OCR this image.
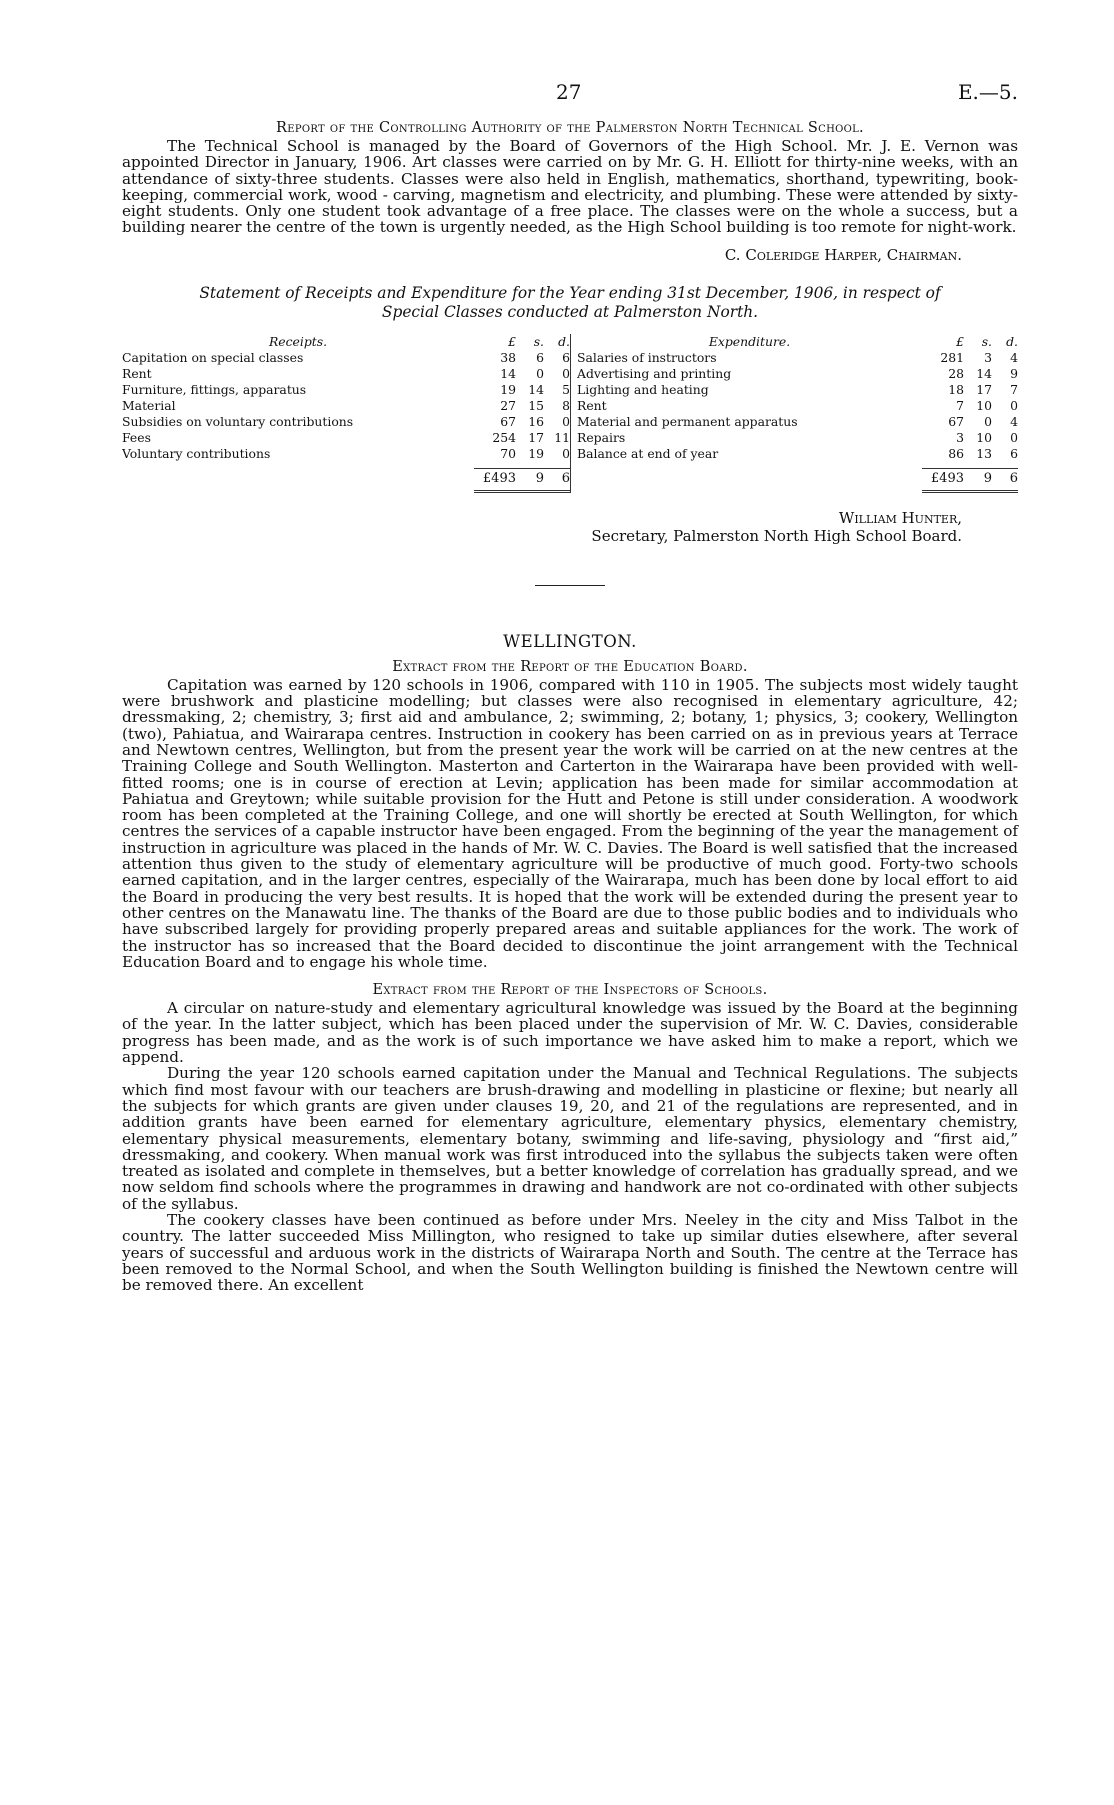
27	E.—5.
Report of the Controlling Authority of the Palmerston North Technical School.

The Technical School is managed by the Board of Governors of the High School. Mr. J. E. Vernon was appointed Director in January, 1906. Art classes were carried on by Mr. G. H. Elliott for thirty-nine weeks, with an attendance of sixty-three students. Classes were also held in English, mathematics, shorthand, typewriting, book-keeping, commercial work, wood - carving, magnetism and electricity, and plumbing. These were attended by sixty-eight students. Only one student took advantage of a free place. The classes were on the whole a success, but a building nearer the centre of the town is urgently needed, as the High School building is too remote for night-work.

C. Coleridge Harper, Chairman.
Statement of Receipts and Expenditure for the Year ending 31st December, 1906, in respect of
Special Classes conducted at Palmerston North.
Receipts.	£	s.	d.
Capitation on special classes	38	6	6
Rent	14	0	0
Furniture, fittings, apparatus	19 14	5
Material	27 15	8
Subsidies on voluntary contributions	67 16	0
Fees	254 17 11
Voluntary contributions	70 19	0
£493	9	6
Expenditure.	£	s.	d.
Salaries of instructors	281	3	4
Advertising and printing	28 14	9
Lighting and heating	18 17	7
Rent	7 10	0
Material and permanent apparatus	67	0	4
Repairs	3 10	0
Balance at end of year	86 13	6
£493	9	6
William Hunter,
Secretary, Palmerston North High School Board.
WELLINGTON.
Extract from the Report of the Education Board.

Capitation was earned by 120 schools in 1906, compared with 110 in 1905. The subjects most widely taught were brushwork and plasticine modelling; but classes were also recognised in elementary agriculture, 42; dressmaking, 2; chemistry, 3; first aid and ambulance, 2; swimming, 2; botany, 1; physics, 3; cookery, Wellington (two), Pahiatua, and Wairarapa centres. Instruction in cookery has been carried on as in previous years at Terrace and Newtown centres, Wellington, but from the present year the work will be carried on at the new centres at the Training College and South Wellington. Masterton and Carterton in the Wairarapa have been provided with well-fitted rooms; one is in course of erection at Levin; application has been made for similar accommodation at Pahiatua and Greytown; while suitable provision for the Hutt and Petone is still under consideration. A woodwork room has been completed at the Training College, and one will shortly be erected at South Wellington, for which centres the services of a capable instructor have been engaged. From the beginning of the year the management of instruction in agriculture was placed in the hands of Mr. W. C. Davies. The Board is well satisfied that the increased attention thus given to the study of elementary agriculture will be productive of much good. Forty-two schools earned capitation, and in the larger centres, especially of the Wairarapa, much has been done by local effort to aid the Board in producing the very best results. It is hoped that the work will be extended during the present year to other centres on the Manawatu line. The thanks of the Board are due to those public bodies and to individuals who have subscribed largely for providing properly prepared areas and suitable appliances for the work. The work of the instructor has so increased that the Board decided to discontinue the joint arrangement with the Technical Education Board and to engage his whole time.

Extract from the Report of the Inspectors of Schools.

A circular on nature-study and elementary agricultural knowledge was issued by the Board at the beginning of the year. In the latter subject, which has been placed under the supervision of Mr. W. C. Davies, considerable progress has been made, and as the work is of such importance we have asked him to make a report, which we append.

During the year 120 schools earned capitation under the Manual and Technical Regulations. The subjects which find most favour with our teachers are brush-drawing and modelling in plasticine or flexine; but nearly all the subjects for which grants are given under clauses 19, 20, and 21 of the regulations are represented, and in addition grants have been earned for elementary agriculture, elementary physics, elementary chemistry, elementary physical measurements, elementary botany, swimming and life-saving, physiology and “first aid,” dressmaking, and cookery. When manual work was first introduced into the syllabus the subjects taken were often treated as isolated and complete in themselves, but a better knowledge of correlation has gradually spread, and we now seldom find schools where the programmes in drawing and handwork are not co-ordinated with other subjects of the syllabus.

The cookery classes have been continued as before under Mrs. Neeley in the city and Miss Talbot in the country. The latter succeeded Miss Millington, who resigned to take up similar duties elsewhere, after several years of successful and arduous work in the districts of Wairarapa North and South. The centre at the Terrace has been removed to the Normal School, and when the South Wellington building is finished the Newtown centre will be removed there. An excellent
